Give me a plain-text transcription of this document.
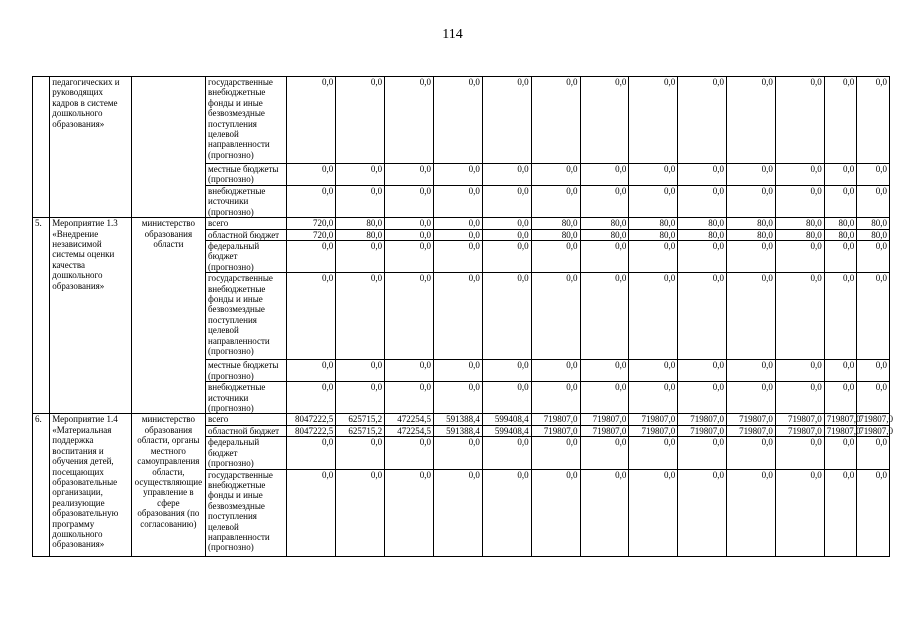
114
	педагогических и руководящих кадров в системе дошкольного образования»		государственные внебюджетные фонды и иные безвозмездные поступления целевой направленности (прогнозно)	0,0	0,0	0,0	0,0	0,0	0,0	0,0	0,0	0,0	0,0	0,0	0,0	0,0
			местные бюджеты (прогнозно)	0,0	0,0	0,0	0,0	0,0	0,0	0,0	0,0	0,0	0,0	0,0	0,0	0,0
			внебюджетные источники (прогнозно)	0,0	0,0	0,0	0,0	0,0	0,0	0,0	0,0	0,0	0,0	0,0	0,0	0,0
5.	Мероприятие 1.3 «Внедрение независимой системы оценки качества дошкольного образования»	министерство образования области	всего	720,0	80,0	0,0	0,0	0,0	80,0	80,0	80,0	80,0	80,0	80,0	80,0	80,0
			областной бюджет	720,0	80,0	0,0	0,0	0,0	80,0	80,0	80,0	80,0	80,0	80,0	80,0	80,0
			федеральный бюджет (прогнозно)	0,0	0,0	0,0	0,0	0,0	0,0	0,0	0,0	0,0	0,0	0,0	0,0	0,0
			государственные внебюджетные фонды и иные безвозмездные поступления целевой направленности (прогнозно)	0,0	0,0	0,0	0,0	0,0	0,0	0,0	0,0	0,0	0,0	0,0	0,0	0,0
			местные бюджеты (прогнозно)	0,0	0,0	0,0	0,0	0,0	0,0	0,0	0,0	0,0	0,0	0,0	0,0	0,0
			внебюджетные источники (прогнозно)	0,0	0,0	0,0	0,0	0,0	0,0	0,0	0,0	0,0	0,0	0,0	0,0	0,0
6.	Мероприятие 1.4 «Материальная поддержка воспитания и обучения детей, посещающих образовательные организации, реализующие образовательную программу дошкольного образования»	министерство образования области, органы местного самоуправления области, осуществляющие управление в сфере образования (по согласованию)	всего	8047222,5	625715,2	472254,5	591388,4	599408,4	719807,0	719807,0	719807,0	719807,0	719807,0	719807,0	719807,0	719807,0
			областной бюджет	8047222,5	625715,2	472254,5	591388,4	599408,4	719807,0	719807,0	719807,0	719807,0	719807,0	719807,0	719807,0	719807,0
			федеральный бюджет (прогнозно)	0,0	0,0	0,0	0,0	0,0	0,0	0,0	0,0	0,0	0,0	0,0	0,0	0,0
			государственные внебюджетные фонды и иные безвозмездные поступления целевой направленности (прогнозно)	0,0	0,0	0,0	0,0	0,0	0,0	0,0	0,0	0,0	0,0	0,0	0,0	0,0
